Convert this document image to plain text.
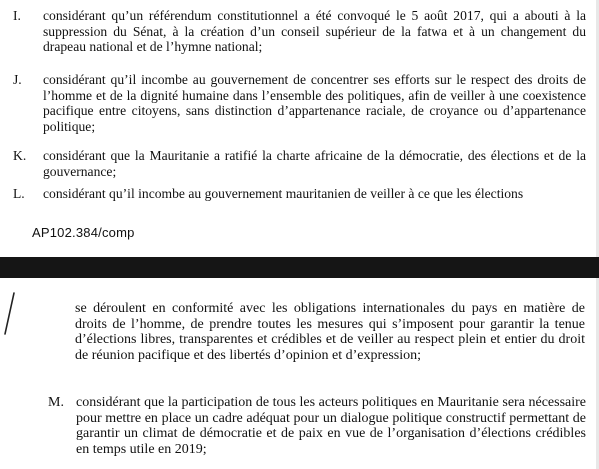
I. considérant qu’un référendum constitutionnel a été convoqué le 5 août 2017, qui a abouti à la suppression du Sénat, à la création d’un conseil supérieur de la fatwa et à un changement du drapeau national et de l’hymne national;
J. considérant qu’il incombe au gouvernement de concentrer ses efforts sur le respect des droits de l’homme et de la dignité humaine dans l’ensemble des politiques, afin de veiller à une coexistence pacifique entre citoyens, sans distinction d’appartenance raciale, de croyance ou d’appartenance politique;
K. considérant que la Mauritanie a ratifié la charte africaine de la démocratie, des élections et de la gouvernance;
L. considérant qu’il incombe au gouvernement mauritanien de veiller à ce que les élections
AP102.384/comp
se déroulent en conformité avec les obligations internationales du pays en matière de droits de l’homme, de prendre toutes les mesures qui s’imposent pour garantir la tenue d’élections libres, transparentes et crédibles et de veiller au respect plein et entier du droit de réunion pacifique et des libertés d’opinion et d’expression;
M. considérant que la participation de tous les acteurs politiques en Mauritanie sera nécessaire pour mettre en place un cadre adéquat pour un dialogue politique constructif permettant de garantir un climat de démocratie et de paix en vue de l’organisation d’élections crédibles en temps utile en 2019;
